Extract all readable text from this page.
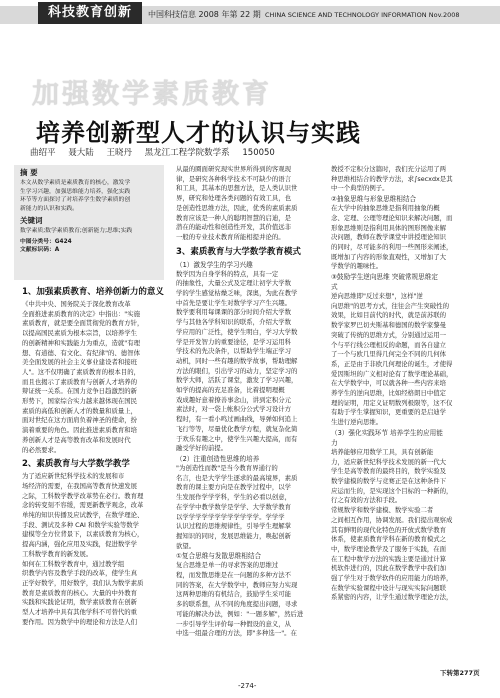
科技教育创新	中国科技信息 2008 年第 22 期 CHINA SCIENCE AND TECHNOLOGY INFORMATION Nov.2008
加强数学素质教育
培养创新型人才的认识与实践
曲绍平 聂大陆 王晓丹 黑龙江工程学院数学系 150050
摘 要
本文从数学素质是素质教育的核心，激发学
生学习兴趣，加强思维能力培养，强化实践
环节等方面探讨了对培养学生数学素质的创
新能力的认识和实践。
关键词
数学素质;数学素质教育;创新能力;思维;实践
中图分类号：G424
文献标识码：A
1、加强素质教育、培养创新力的意义
《中共中央、国务院关于深化教育改革
全面推进素质教育的决定》中指出："实施
素质教育，就是要全面贯彻党的教育方针，
以提高国民素质为根本宗旨，以培养学生
的创新精神和实践能力为重点，造就"有理
想、有道德、有文化、有纪律"的、德智体
美全面发展的社会主义事业建设者和接班
人"。这不仅明确了素质教育的根本目的，
而且也揭示了素质教育与创新人才培养的
辩证统一关系。在国力竞争日趋激烈的新
形势下，国家综合实力越来越体现在国民
素质的高低和创新人才的数量和质量上，
面对世纪在这方面肩负着神圣的使命，扮
演着重要的角色。因此推进素质教育和培
养创新人才是高等教育改革和发展时代
的必然要求。
2、素质教育与大学数学教学
为了适应新世纪科学技术的发展和市
场经济的需要，在我国高等教育快速发展
之际，工科数学教学改革势在必行。教育理
念的转变刻不容缓，需更新教学观念，改革
单纯的知识传播及应试教学，在数学理论、
手段、测试及多种 CAI 和数学实验等数学
建模等全方位背景下，以素质教育为核心，
提高内涵，强化应用及实践，促进数学学
工科数学教育的新发展。
如何在工科数学教育中，通过教学组
织教学内容及教学手段的改革，使学生真
正学好数学，用好数学，我们认为数学素质
教育是素质教育的核心。大量的中外教育
实践和实践论证明，数学素质教育在创新
型人才培养中具有其他学科不可替代的重
要作用。因为数学中的理论和方法是人们
从最的圈面研究现实世界所得到的客观现
律，是研究各种科学技术不可缺少的语言
和工具，其基本的思想方法，是人类认识世
界，研究和处理各类问题的有效工具，也
是创造性思维方法，因此，优秀的素质素质
教育应该是一种人的聪明智慧的启迪，是
潜在的能动性和创造性开发，其价值远非
一般的专业技术教育所能相提并论的。
3、素质教育与大学数学教育模式
（1）激发学生的学习兴趣
数学因为自身学科的特点，具有一定
的抽象性，大量公式及定理让初学大学数
学的学生感觉枯燥乏味，深奥，为此在教学
中首先是要让学生对数学学习产生兴趣。
数学要利用每课课的部分时间介绍大学数
学与其他各学科知识的联系，介绍大学数
学应用的广泛性，使学生明白，学习大学数
学是开发智力的重要途径，是学习运用科
学技术的先决条件，以帮助学生端正学习
动机，同时一些有趣的数学故事，帮助理解
方法的眼们，引出学习的动力，坚定学习的
数学大师，活跃了课堂，激发了学习兴趣，
如学的提高的充足准备，比着提明理概
戏成趣好意着撩善事念山，讲到定积分元
素法时，对一袋上帐积分公式学习设计方
程时，有一看小鸣过画曲线，导弹如何追上
飞行等等，尽量优化教学方程，就复杂化简
于欢乐有趣之中，使学生兴趣大提高，而有
融受学好的前提。
（2）注重创造性思维的培养
"为创造性而教"是当今教育界通行的
名言，也是大学学生逐求的最高境界，素质
教育的课主要方向是在教学过程中，以学
生发展作学学学科，学生的必看以创意，
在学学中教学数学是学学、大学数学教育
以学学学学学学学学学学学学。学学学
认识过程的思维规律性，引导学生理解掌
握知识的同时，发展思维能力，唤起创新
欲望。
①复合思维与发散思维相结合
复合思维是单一的寻求答案的思维过
程，而发散思维是在一问题的多种方法不
同的答案，在大学数学中，教师应努力实现
这两种思维的有机结合，鼓励学生采可能
多的联系想，从不同的角度提出问题，寻求
可能的解决办法，例如："一题多解"，然后进
一步引导学生评价每一种假设的意义，从
中选一组最合理的方法，即"多种选一"。在
教授不定积分这篇时，我们充分运用了两
种思维相结合的教学方法，求∫secxdx是其
中一个典型的例子。
②抽象思维与形象思维相结合
在大学中的抽象思维是指利用抽象的概
念、定理、公理等理论知识来解决问题，而
形象思维则是指利用具体的图形图像来解
决问题，教师在教学课堂中讲授理论知识
的同时，尽可能多的利用一些图形来阐述，
既增加了内容的形象直观性，又增加了大
学数学的趣味性。
③鼓励学生逆向思维 突破常规思维定
式
逆向思维即"反过来想"，这样"逆
向思维"的思考方式，往往会产生突破性的
效果，比如目前代的时代，就是前苏联的
数学家罗巴切夫斯基和德国的数学家黎曼
突破了传统的思维方式，分别通过运用一
个与平行线公理相反的命题，而各自建立
了一个与欧几里得几何完全不同的几何体
系，正是由于非欧几何理论的诞生，才使得
爱因斯坦的广义相对论有了数学理论基础，
在大学数学中，可以就各种一些内容来培
养学生的逆向思维，比如经格朗日中值定
理的证明，用定义证明数列极限等，这不仅
有助于学生掌握知识，更重要的是启迪学
生进行逆向思维。
（3）强化实践环节 培养学生的应用能
力
培养能够应用数学工具，具有创新能
力，适应新世纪科学技术发展的新一代大
学生是高等教育的最终目的，数学实验及
数学建模的数学与竞赛正是在这种条件下
应运而生的，是实现这个目标的一种新的，
行之有效的方法和手段。
常规数学和数学建模、数学实验二者
之间相互作用，协调发展。我们提出观察成
其有鲜明的现代化特色的开放式数学教育
体系，使素质教育学科在新的教育模式之
中，数学理论教学及了服务于实践，在面
在工程中数学方法的实践主要是通过计算
机软件进行的，因此在数学教学中我们加
强了学生对于数学软件的应用能力的培养，
在数学实验课程中设计与现实实际问题联
系紧密的内容，让学生通过数学理论方法，
下转第277页
-274-
